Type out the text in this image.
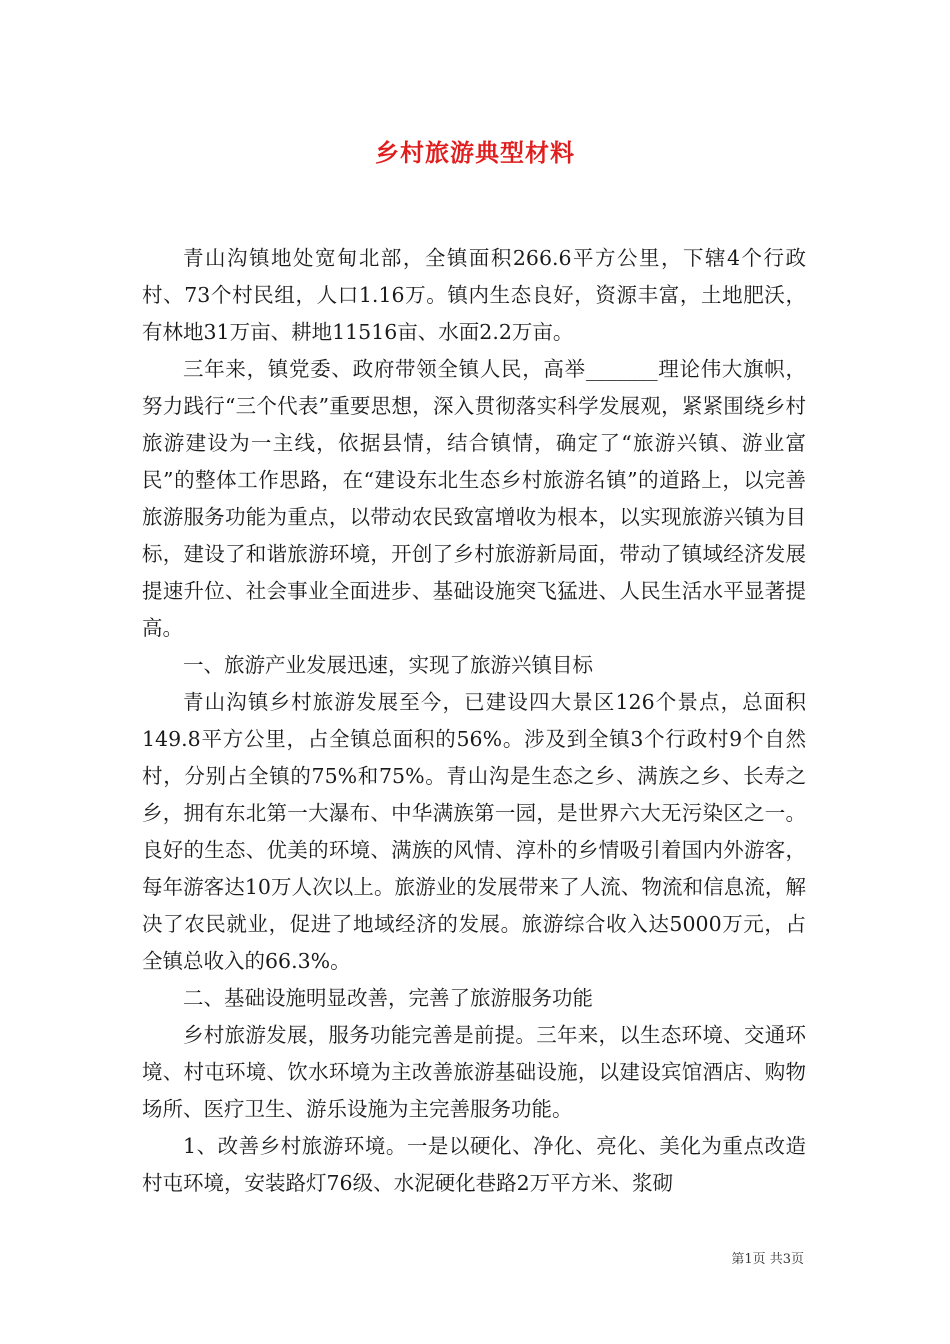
乡村旅游典型材料

青山沟镇地处宽甸北部，全镇面积266.6平方公里，下辖4个行政村、73个村民组，人口1.16万。镇内生态良好，资源丰富，土地肥沃，有林地31万亩、耕地11516亩、水面2.2万亩。

三年来，镇党委、政府带领全镇人民，高举_______理论伟大旗帜，努力践行“三个代表”重要思想，深入贯彻落实科学发展观，紧紧围绕乡村旅游建设为一主线，依据县情，结合镇情，确定了“旅游兴镇、游业富民”的整体工作思路，在“建设东北生态乡村旅游名镇”的道路上，以完善旅游服务功能为重点，以带动农民致富增收为根本，以实现旅游兴镇为目标，建设了和谐旅游环境，开创了乡村旅游新局面，带动了镇域经济发展提速升位、社会事业全面进步、基础设施突飞猛进、人民生活水平显著提高。

一、旅游产业发展迅速，实现了旅游兴镇目标

青山沟镇乡村旅游发展至今，已建设四大景区126个景点，总面积149.8平方公里，占全镇总面积的56%。涉及到全镇3个行政村9个自然村，分别占全镇的75%和75%。青山沟是生态之乡、满族之乡、长寿之乡，拥有东北第一大瀑布、中华满族第一园，是世界六大无污染区之一。良好的生态、优美的环境、满族的风情、淳朴的乡情吸引着国内外游客，每年游客达10万人次以上。旅游业的发展带来了人流、物流和信息流，解决了农民就业，促进了地域经济的发展。旅游综合收入达5000万元，占全镇总收入的66.3%。

二、基础设施明显改善，完善了旅游服务功能

乡村旅游发展，服务功能完善是前提。三年来，以生态环境、交通环境、村屯环境、饮水环境为主改善旅游基础设施，以建设宾馆酒店、购物场所、医疗卫生、游乐设施为主完善服务功能。

1、改善乡村旅游环境。一是以硬化、净化、亮化、美化为重点改造村屯环境，安装路灯76级、水泥硬化巷路2万平方米、浆砌

第1页 共3页
